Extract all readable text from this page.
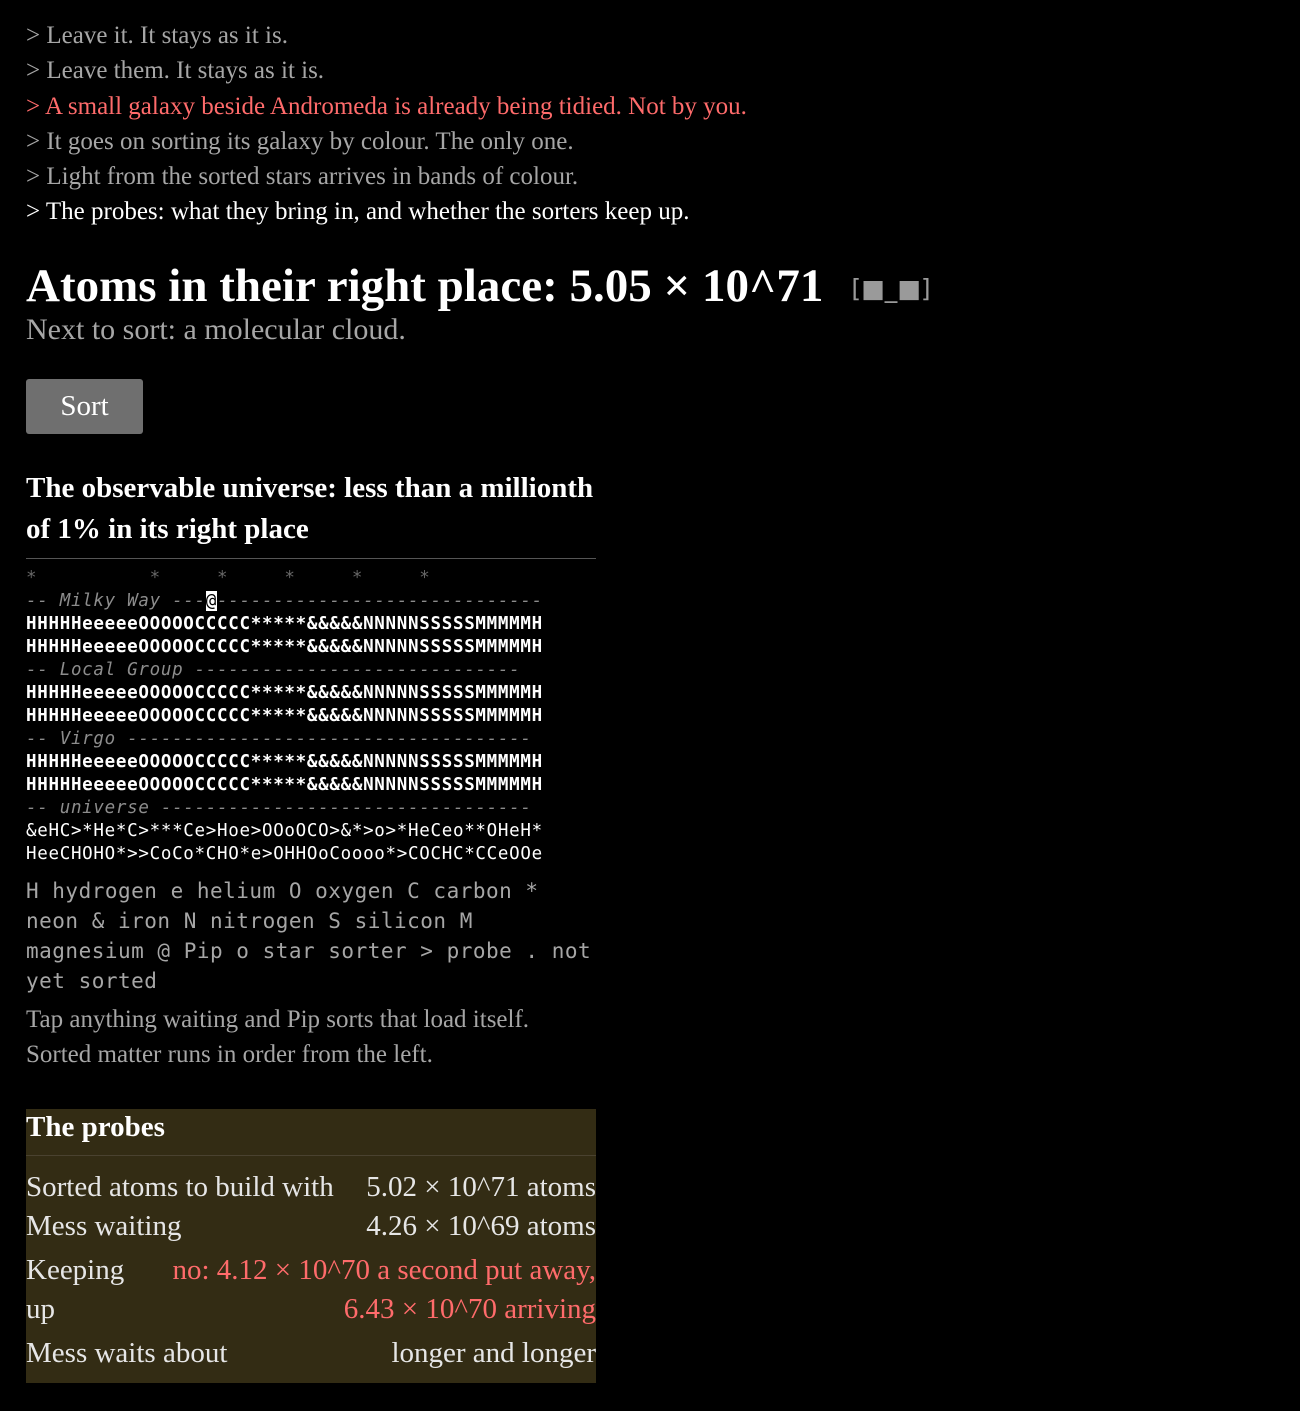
> Leave it. It stays as it is.
> Leave them. It stays as it is.
> A small galaxy beside Andromeda is already being tidied. Not by you.
> It goes on sorting its galaxy by colour. The only one.
> Light from the sorted stars arrives in bands of colour.
> The probes: what they bring in, and whether the sorters keep up.
Atoms in their right place: 5.05 × 10^71 [■_■]
Next to sort: a molecular cloud.
Sort
The observable universe: less than a millionth of 1% in its right place
*          *     *     *     *     *
-- Milky Way ---@-----------------------------
HHHHHeeeeeOOOOOCCCCC*****&&&&&NNNNNSSSSSMMMMMH
HHHHHeeeeeOOOOOCCCCC*****&&&&&NNNNNSSSSSMMMMMH
-- Local Group -----------------------------
HHHHHeeeeeOOOOOCCCCC*****&&&&&NNNNNSSSSSMMMMMH
HHHHHeeeeeOOOOOCCCCC*****&&&&&NNNNNSSSSSMMMMMH
-- Virgo ------------------------------------
HHHHHeeeeeOOOOOCCCCC*****&&&&&NNNNNSSSSSMMMMMH
HHHHHeeeeeOOOOOCCCCC*****&&&&&NNNNNSSSSSMMMMMH
-- universe ---------------------------------
&eHC>*He*C>***Ce>Hoe>OOoOCO>&*>o>*HeCeo**OHeH*
HeeCHOHO*>>CoCo*CHO*e>OHHOoCoooo*>COCHC*CCeOOe
H hydrogen e helium O oxygen C carbon * neon & iron N nitrogen S silicon M magnesium @ Pip o star sorter > probe . not yet sorted
Tap anything waiting and Pip sorts that load itself.
Sorted matter runs in order from the left.
The probes
Sorted atoms to build with 5.02 × 10^71 atoms
Mess waiting	4.26 × 10^69 atoms
Keeping up
no: 4.12 × 10^70 a second put away, 6.43 × 10^70 arriving
Mess waits about	longer and longer
